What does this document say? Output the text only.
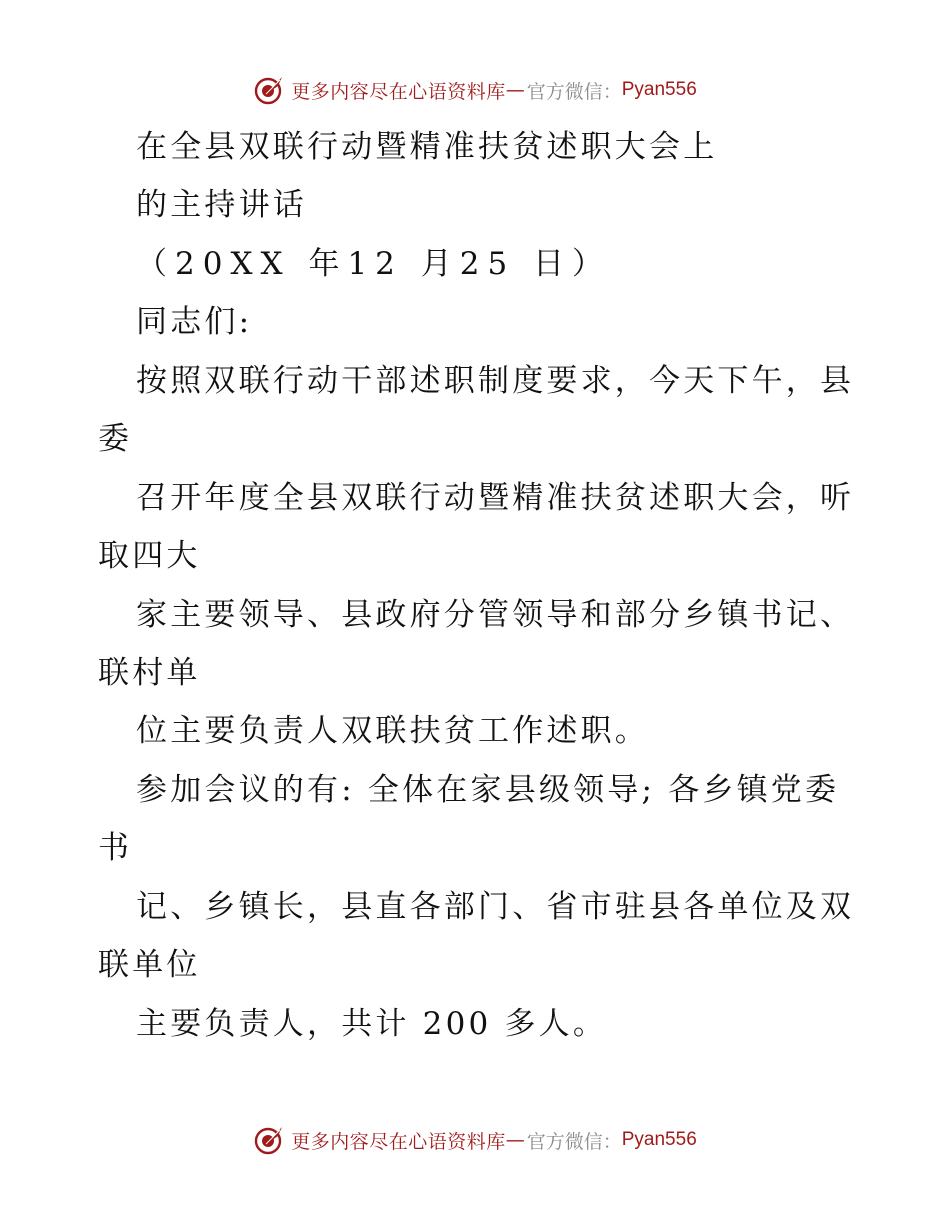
更多内容尽在心语资料库 — 官方微信： Pyan556
在全县双联行动暨精准扶贫述职大会上
的主持讲话
（20XX 年12 月25 日）
同志们:
按照双联行动干部述职制度要求，今天下午，县
委
召开年度全县双联行动暨精准扶贫述职大会，听
取四大
家主要领导、县政府分管领导和部分乡镇书记、
联村单
位主要负责人双联扶贫工作述职。
参加会议的有: 全体在家县级领导; 各乡镇党委
书
记、乡镇长，县直各部门、省市驻县各单位及双
联单位
主要负责人，共计 200 多人。
更多内容尽在心语资料库 — 官方微信： Pyan556
